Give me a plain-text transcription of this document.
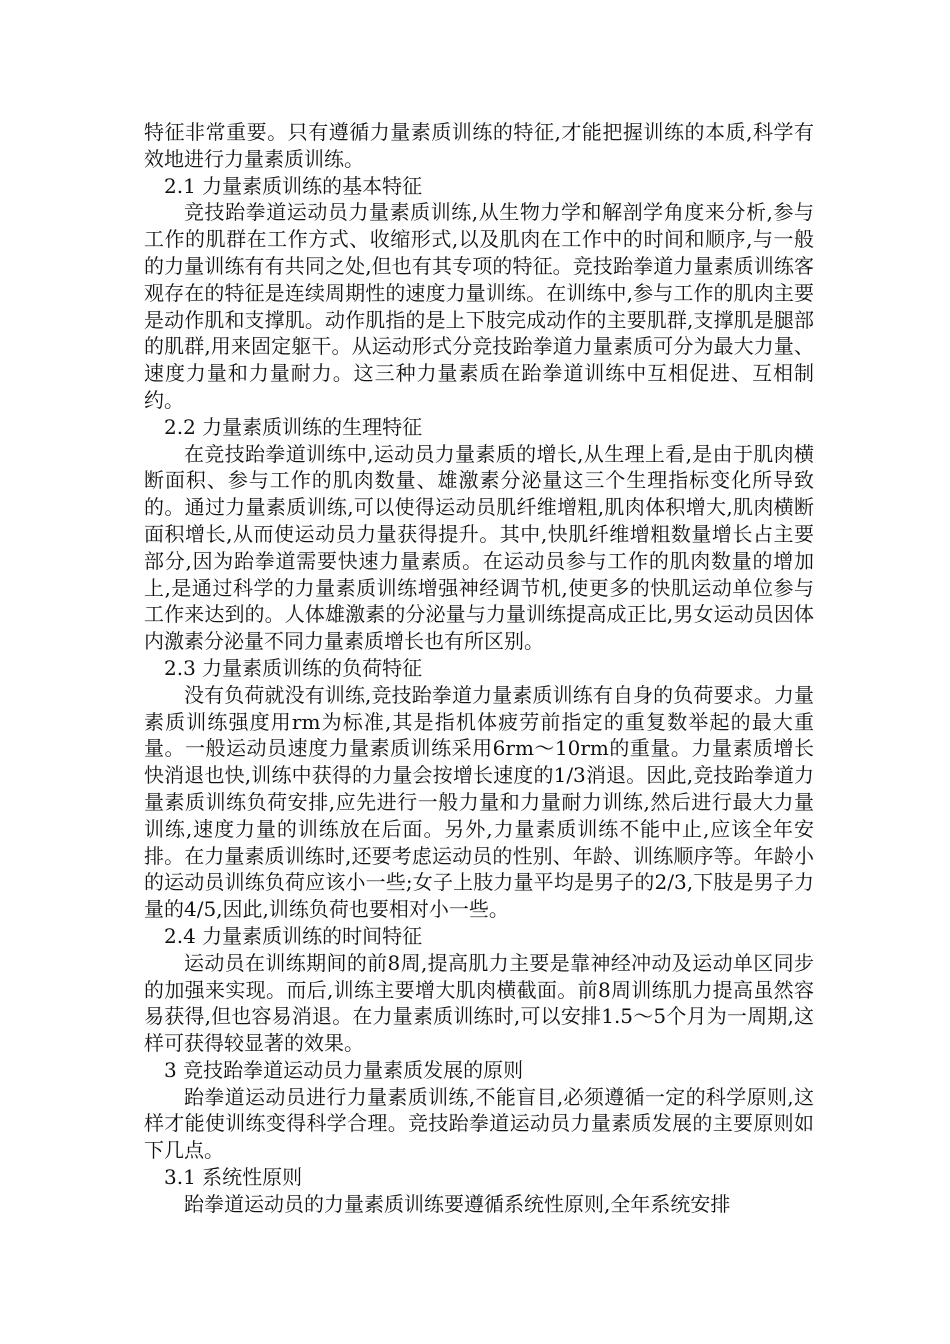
特征非常重要。只有遵循力量素质训练的特征,才能把握训练的本质,科学有效地进行力量素质训练。

2.1 力量素质训练的基本特征

竞技跆拳道运动员力量素质训练,从生物力学和解剖学角度来分析,参与工作的肌群在工作方式、收缩形式,以及肌肉在工作中的时间和顺序,与一般的力量训练有有共同之处,但也有其专项的特征。竞技跆拳道力量素质训练客观存在的特征是连续周期性的速度力量训练。在训练中,参与工作的肌肉主要是动作肌和支撑肌。动作肌指的是上下肢完成动作的主要肌群,支撑肌是腿部的肌群,用来固定躯干。从运动形式分竞技跆拳道力量素质可分为最大力量、速度力量和力量耐力。这三种力量素质在跆拳道训练中互相促进、互相制约。

2.2 力量素质训练的生理特征

在竞技跆拳道训练中,运动员力量素质的增长,从生理上看,是由于肌肉横断面积、参与工作的肌肉数量、雄激素分泌量这三个生理指标变化所导致的。通过力量素质训练,可以使得运动员肌纤维增粗,肌肉体积增大,肌肉横断面积增长,从而使运动员力量获得提升。其中,快肌纤维增粗数量增长占主要部分,因为跆拳道需要快速力量素质。在运动员参与工作的肌肉数量的增加上,是通过科学的力量素质训练增强神经调节机,使更多的快肌运动单位参与工作来达到的。人体雄激素的分泌量与力量训练提高成正比,男女运动员因体内激素分泌量不同力量素质增长也有所区别。

2.3 力量素质训练的负荷特征

没有负荷就没有训练,竞技跆拳道力量素质训练有自身的负荷要求。力量素质训练强度用rm为标准,其是指机体疲劳前指定的重复数举起的最大重量。一般运动员速度力量素质训练采用6rm～10rm的重量。力量素质增长快消退也快,训练中获得的力量会按增长速度的1/3消退。因此,竞技跆拳道力量素质训练负荷安排,应先进行一般力量和力量耐力训练,然后进行最大力量训练,速度力量的训练放在后面。另外,力量素质训练不能中止,应该全年安排。在力量素质训练时,还要考虑运动员的性别、年龄、训练顺序等。年龄小的运动员训练负荷应该小一些;女子上肢力量平均是男子的2/3,下肢是男子力量的4/5,因此,训练负荷也要相对小一些。

2.4 力量素质训练的时间特征

运动员在训练期间的前8周,提高肌力主要是靠神经冲动及运动单区同步的加强来实现。而后,训练主要增大肌肉横截面。前8周训练肌力提高虽然容易获得,但也容易消退。在力量素质训练时,可以安排1.5～5个月为一周期,这样可获得较显著的效果。

3 竞技跆拳道运动员力量素质发展的原则

跆拳道运动员进行力量素质训练,不能盲目,必须遵循一定的科学原则,这样才能使训练变得科学合理。竞技跆拳道运动员力量素质发展的主要原则如下几点。

3.1 系统性原则

跆拳道运动员的力量素质训练要遵循系统性原则,全年系统安排
